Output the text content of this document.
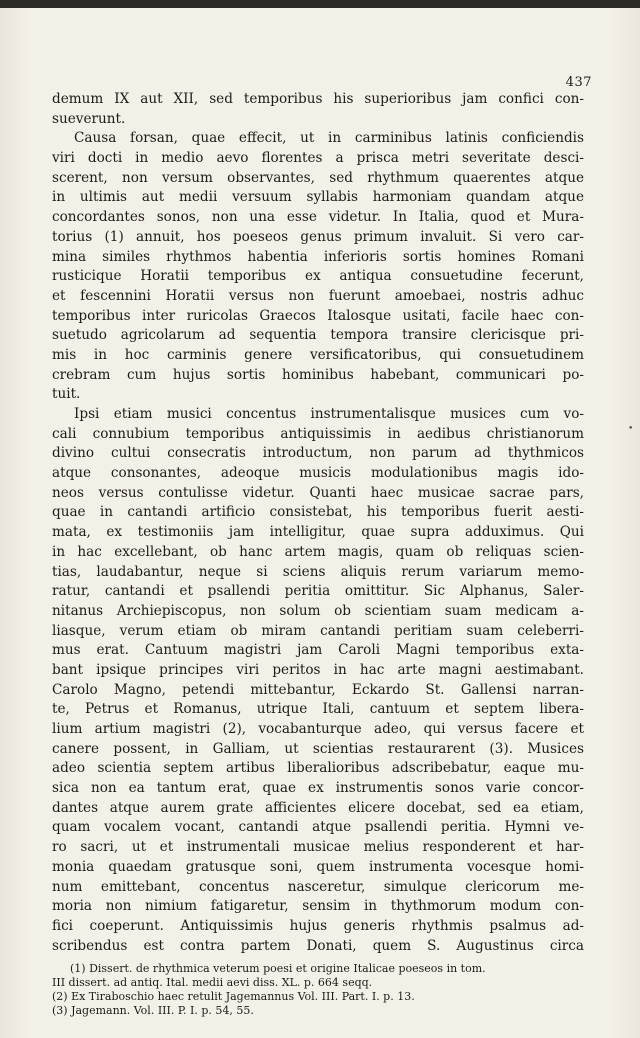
437
•
demum IX aut XII, sed temporibus his superioribus jam confici con-
sueverunt.
Causa forsan, quae effecit, ut in carminibus latinis conficiendis
viri docti in medio aevo florentes a prisca metri severitate desci-
scerent, non versum observantes, sed rhythmum quaerentes atque
in ultimis aut medii versuum syllabis harmoniam quandam atque
concordantes sonos, non una esse videtur. In Italia, quod et Mura-
torius (1) annuit, hos poeseos genus primum invaluit. Si vero car-
mina similes rhythmos habentia inferioris sortis homines Romani
rusticique Horatii temporibus ex antiqua consuetudine fecerunt,
et fescennini Horatii versus non fuerunt amoebaei, nostris adhuc
temporibus inter ruricolas Graecos Italosque usitati, facile haec con-
suetudo agricolarum ad sequentia tempora transire clericisque pri-
mis in hoc carminis genere versificatoribus, qui consuetudinem
crebram cum hujus sortis hominibus habebant, communicari po-
tuit.
Ipsi etiam musici concentus instrumentalisque musices cum vo-
cali connubium temporibus antiquissimis in aedibus christianorum
divino cultui consecratis introductum, non parum ad thythmicos
atque consonantes, adeoque musicis modulationibus magis ido-
neos versus contulisse videtur. Quanti haec musicae sacrae pars,
quae in cantandi artificio consistebat, his temporibus fuerit aesti-
mata, ex testimoniis jam intelligitur, quae supra adduximus. Qui
in hac excellebant, ob hanc artem magis, quam ob reliquas scien-
tias, laudabantur, neque si sciens aliquis rerum variarum memo-
ratur, cantandi et psallendi peritia omittitur. Sic Alphanus, Saler-
nitanus Archiepiscopus, non solum ob scientiam suam medicam a-
liasque, verum etiam ob miram cantandi peritiam suam celeberri-
mus erat. Cantuum magistri jam Caroli Magni temporibus exta-
bant ipsique principes viri peritos in hac arte magni aestimabant.
Carolo Magno, petendi mittebantur, Eckardo St. Gallensi narran-
te, Petrus et Romanus, utrique Itali, cantuum et septem libera-
lium artium magistri (2), vocabanturque adeo, qui versus facere et
canere possent, in Galliam, ut scientias restaurarent (3). Musices
adeo scientia septem artibus liberalioribus adscribebatur, eaque mu-
sica non ea tantum erat, quae ex instrumentis sonos varie concor-
dantes atque aurem grate afficientes elicere docebat, sed ea etiam,
quam vocalem vocant, cantandi atque psallendi peritia. Hymni ve-
ro sacri, ut et instrumentali musicae melius responderent et har-
monia quaedam gratusque soni, quem instrumenta vocesque homi-
num emittebant, concentus nasceretur, simulque clericorum me-
moria non nimium fatigaretur, sensim in thythmorum modum con-
fici coeperunt. Antiquissimis hujus generis rhythmis psalmus ad-
scribendus est contra partem Donati, quem S. Augustinus circa
(1) Dissert. de rhythmica veterum poesi et origine Italicae poeseos in tom.
III dissert. ad antiq. Ital. medii aevi diss. XL. p. 664 seqq.
(2) Ex Tiraboschio haec retulit Jagemannus Vol. III. Part. I. p. 13.
(3) Jagemann. Vol. III. P. I. p. 54, 55.
